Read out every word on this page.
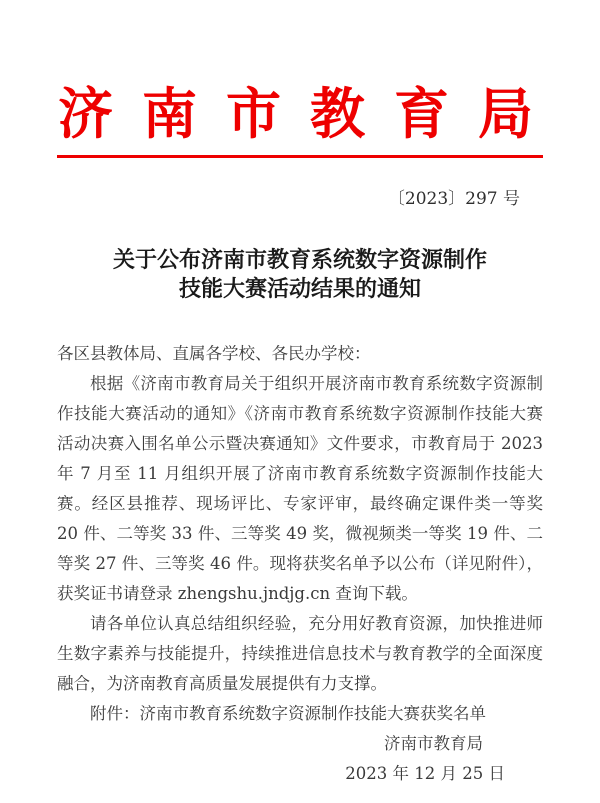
济南市教育局
〔2023〕297 号
关于公布济南市教育系统数字资源制作
技能大赛活动结果的通知

各区县教体局、直属各学校、各民办学校：

根据《济南市教育局关于组织开展济南市教育系统数字资源制作技能大赛活动的通知》《济南市教育系统数字资源制作技能大赛活动决赛入围名单公示暨决赛通知》文件要求，市教育局于 2023 年 7 月至 11 月组织开展了济南市教育系统数字资源制作技能大赛。经区县推荐、现场评比、专家评审，最终确定课件类一等奖 20 件、二等奖 33 件、三等奖 49 奖，微视频类一等奖 19 件、二等奖 27 件、三等奖 46 件。现将获奖名单予以公布（详见附件），获奖证书请登录 zhengshu.jndjg.cn 查询下载。

请各单位认真总结组织经验，充分用好教育资源，加快推进师生数字素养与技能提升，持续推进信息技术与教育教学的全面深度融合，为济南教育高质量发展提供有力支撑。

附件：济南市教育系统数字资源制作技能大赛获奖名单

济南市教育局

2023 年 12 月 25 日
